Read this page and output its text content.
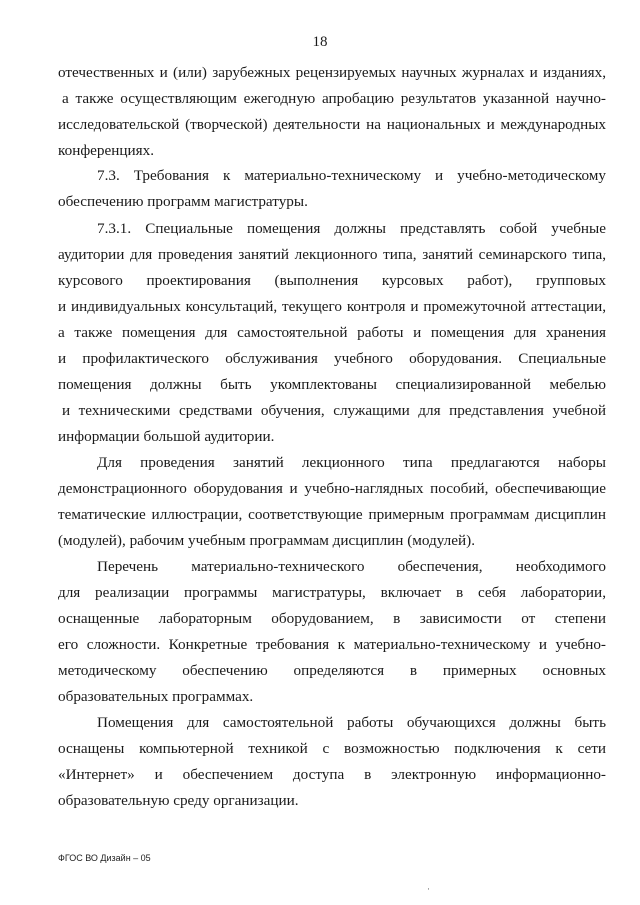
18
отечественных и (или) зарубежных рецензируемых научных журналах и изданиях,
а также осуществляющим ежегодную апробацию результатов указанной научно-
исследовательской (творческой) деятельности на национальных и международных
конференциях.
7.3. Требования к материально-техническому и учебно-методическому
обеспечению программ магистратуры.
7.3.1. Специальные помещения должны представлять собой учебные
аудитории для проведения занятий лекционного типа, занятий семинарского типа,
курсового проектирования (выполнения курсовых работ), групповых
и индивидуальных консультаций, текущего контроля и промежуточной аттестации,
а также помещения для самостоятельной работы и помещения для хранения
и профилактического обслуживания учебного оборудования. Специальные
помещения должны быть укомплектованы специализированной мебелью
и техническими средствами обучения, служащими для представления учебной
информации большой аудитории.
Для проведения занятий лекционного типа предлагаются наборы
демонстрационного оборудования и учебно-наглядных пособий, обеспечивающие
тематические иллюстрации, соответствующие примерным программам дисциплин
(модулей), рабочим учебным программам дисциплин (модулей).
Перечень материально-технического обеспечения, необходимого
для реализации программы магистратуры, включает в себя лаборатории,
оснащенные лабораторным оборудованием, в зависимости от степени
его сложности. Конкретные требования к материально-техническому и учебно-
методическому обеспечению определяются в примерных основных
образовательных программах.
Помещения для самостоятельной работы обучающихся должны быть
оснащены компьютерной техникой с возможностью подключения к сети
«Интернет» и обеспечением доступа в электронную информационно-
образовательную среду организации.
ФГОС ВО Дизайн – 05
·
